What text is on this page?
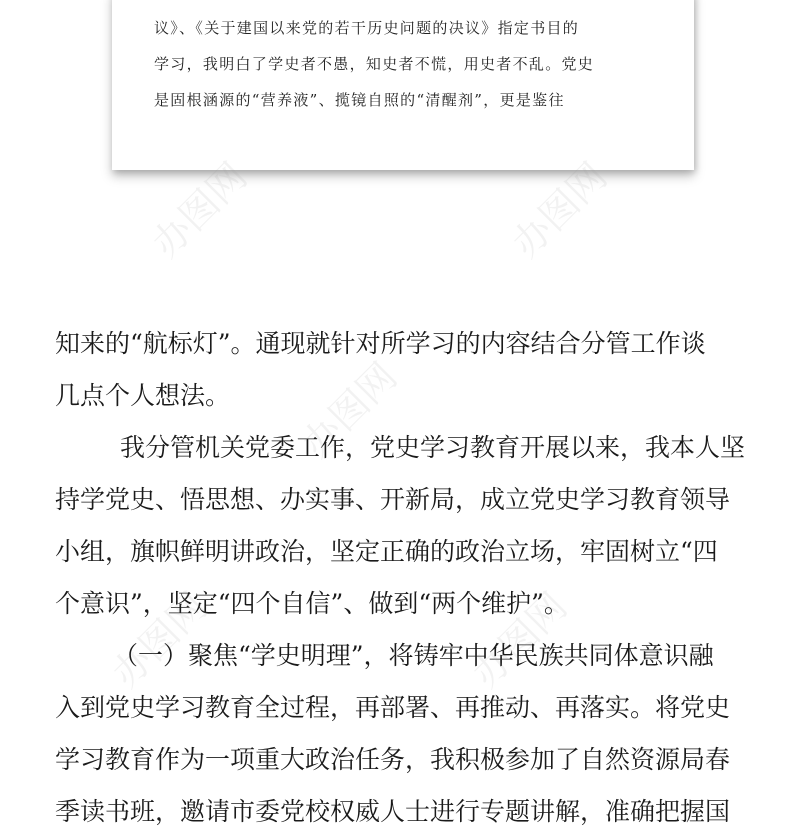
议》、《关于建国以来党的若干历史问题的决议》指定书目的
学习，我明白了学史者不愚，知史者不慌，用史者不乱。党史
是固根涵源的“营养液”、揽镜自照的“清醒剂”，更是鉴往

知来的“航标灯”。通现就针对所学习的内容结合分管工作谈
几点个人想法。
我分管机关党委工作，党史学习教育开展以来，我本人坚
持学党史、悟思想、办实事、开新局，成立党史学习教育领导
小组，旗帜鲜明讲政治，坚定正确的政治立场，牢固树立“四
个意识”，坚定“四个自信”、做到“两个维护”。
（一）聚焦“学史明理”，将铸牢中华民族共同体意识融
入到党史学习教育全过程，再部署、再推动、再落实。将党史
学习教育作为一项重大政治任务，我积极参加了自然资源局春
季读书班，邀请市委党校权威人士进行专题讲解，准确把握国
办图网	办图网
办图网
办图网	办图网
